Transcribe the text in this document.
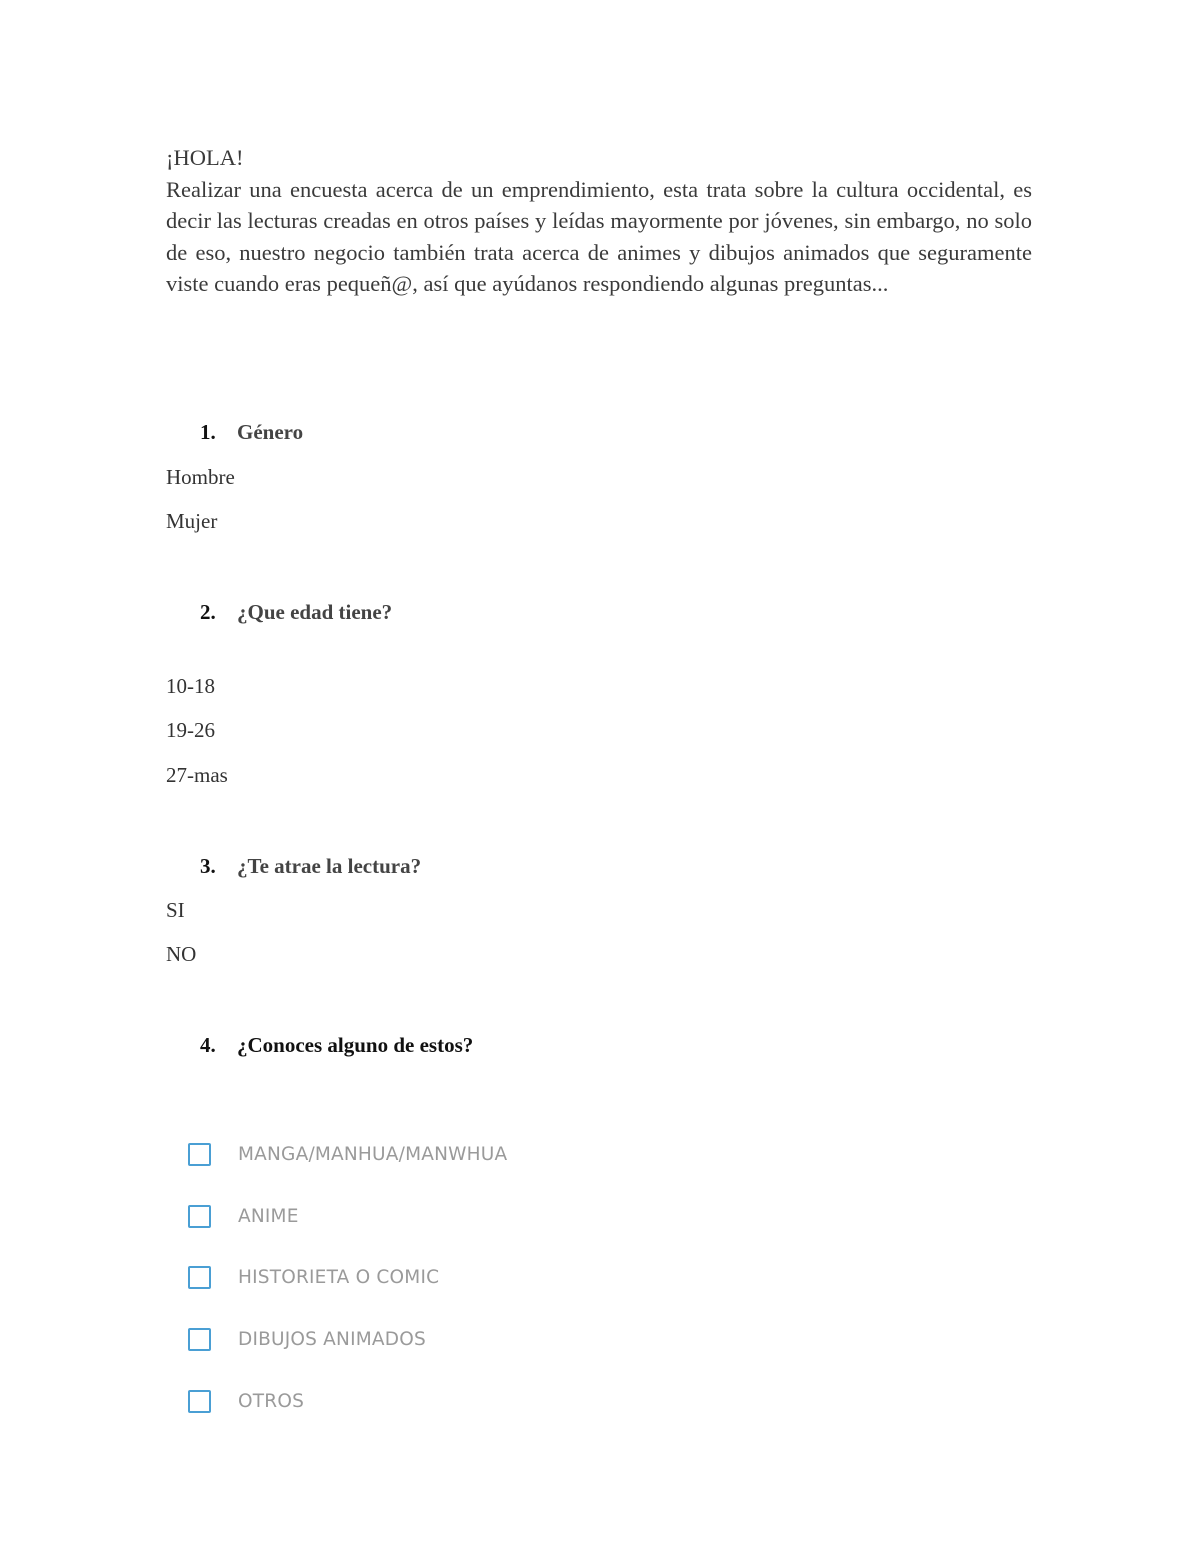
¡HOLA!
Realizar una encuesta acerca de un emprendimiento, esta trata sobre la cultura occidental, es decir las lecturas creadas en otros países y leídas mayormente por jóvenes, sin embargo, no solo de eso, nuestro negocio también trata acerca de animes y dibujos animados que seguramente viste cuando eras pequeñ@, así que ayúdanos respondiendo algunas preguntas...
1. Género
Hombre
Mujer
2. ¿Que edad tiene?
10-18
19-26
27-mas
3. ¿Te atrae la lectura?
SI
NO
4. ¿Conoces alguno de estos?
MANGA/MANHUA/MANWHUA
ANIME
HISTORIETA O COMIC
DIBUJOS ANIMADOS
OTROS
